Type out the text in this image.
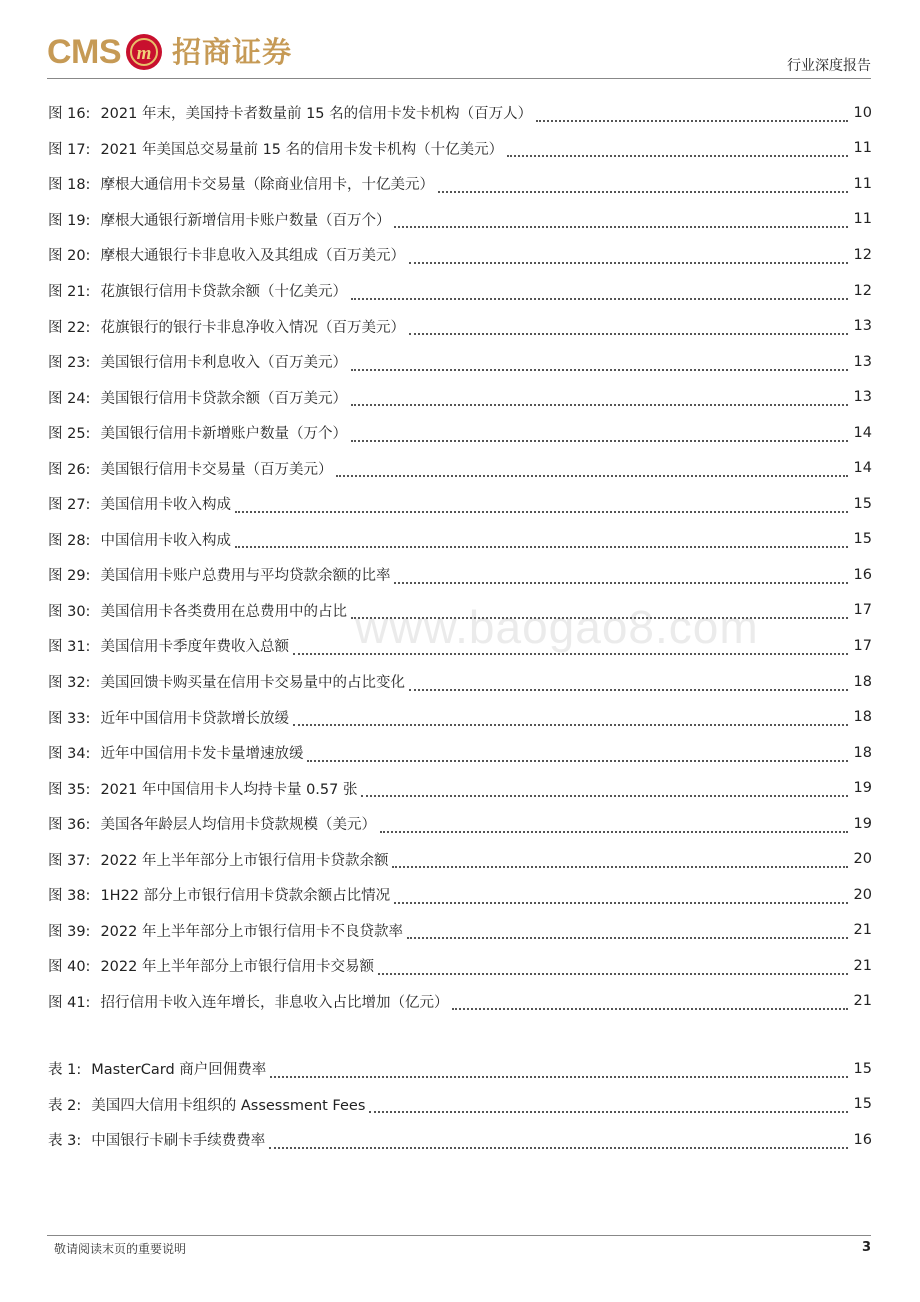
CMS m 招商证券	行业深度报告
www.baogao8.com
图 16: 2021 年末，美国持卡者数量前 15 名的信用卡发卡机构（百万人）	10
图 17: 2021 年美国总交易量前 15 名的信用卡发卡机构（十亿美元）	11
图 18: 摩根大通信用卡交易量（除商业信用卡，十亿美元）	11
图 19: 摩根大通银行新增信用卡账户数量（百万个）	11
图 20: 摩根大通银行卡非息收入及其组成（百万美元）	12
图 21: 花旗银行信用卡贷款余额（十亿美元）	12
图 22: 花旗银行的银行卡非息净收入情况（百万美元）	13
图 23: 美国银行信用卡利息收入（百万美元）	13
图 24: 美国银行信用卡贷款余额（百万美元）	13
图 25: 美国银行信用卡新增账户数量（万个）	14
图 26: 美国银行信用卡交易量（百万美元）	14
图 27: 美国信用卡收入构成	15
图 28: 中国信用卡收入构成	15
图 29: 美国信用卡账户总费用与平均贷款余额的比率	16
图 30: 美国信用卡各类费用在总费用中的占比	17
图 31: 美国信用卡季度年费收入总额	17
图 32: 美国回馈卡购买量在信用卡交易量中的占比变化	18
图 33: 近年中国信用卡贷款增长放缓	18
图 34: 近年中国信用卡发卡量增速放缓	18
图 35: 2021 年中国信用卡人均持卡量 0.57 张	19
图 36: 美国各年龄层人均信用卡贷款规模（美元）	19
图 37: 2022 年上半年部分上市银行信用卡贷款余额	20
图 38: 1H22 部分上市银行信用卡贷款余额占比情况	20
图 39: 2022 年上半年部分上市银行信用卡不良贷款率	21
图 40: 2022 年上半年部分上市银行信用卡交易额	21
图 41: 招行信用卡收入连年增长，非息收入占比增加（亿元）	21
表 1: MasterCard 商户回佣费率	15
表 2: 美国四大信用卡组织的 Assessment Fees	15
表 3: 中国银行卡刷卡手续费费率	16
敬请阅读末页的重要说明	3
